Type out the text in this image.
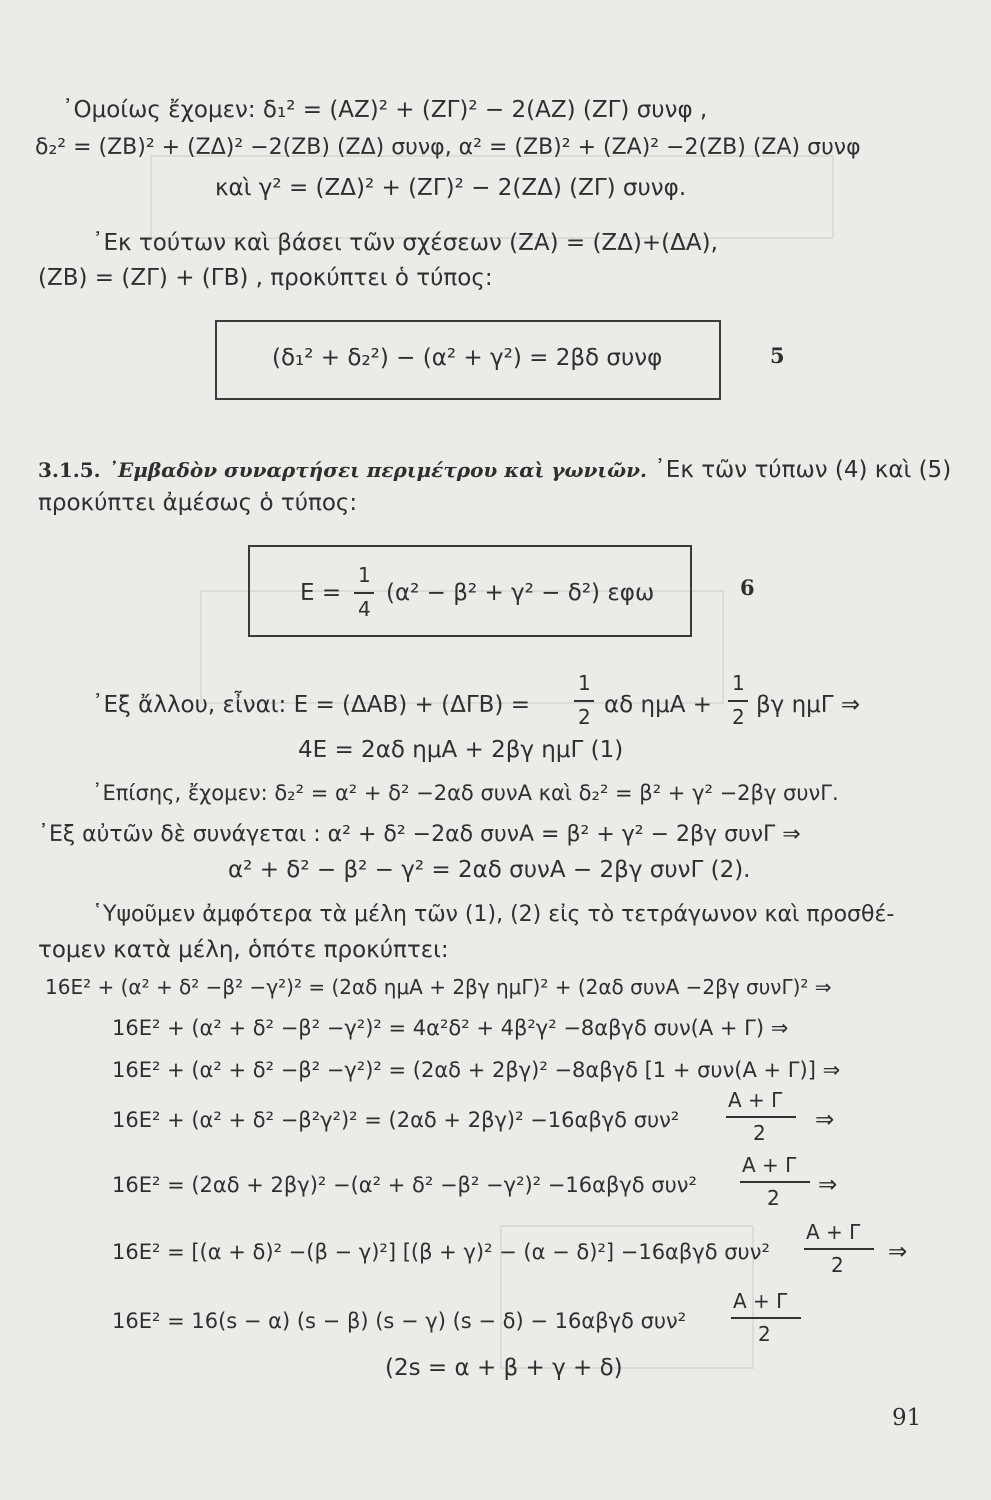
᾿Ομοίως ἔχομεν: δ₁² = (ΑΖ)² + (ΖΓ)² − 2(ΑΖ) (ΖΓ) συνφ ,
δ₂² = (ΖΒ)² + (ΖΔ)² −2(ΖΒ) (ΖΔ) συνφ, α² = (ΖΒ)² + (ΖΑ)² −2(ΖΒ) (ΖΑ) συνφ
καὶ γ² = (ΖΔ)² + (ΖΓ)² − 2(ΖΔ) (ΖΓ) συνφ.
᾿Εκ τούτων καὶ βάσει τῶν σχέσεων (ΖΑ) = (ΖΔ)+(ΔΑ),
(ΖΒ) = (ΖΓ) + (ΓΒ) , προκύπτει ὁ τύπος:
(δ₁² + δ₂²) − (α² + γ²) = 2βδ συνφ	5
3.1.5. ᾿Εμβαδὸν συναρτήσει περιμέτρου καὶ γωνιῶν. ᾿Εκ τῶν τύπων (4) καὶ (5)
προκύπτει ἀμέσως ὁ τύπος:
Ε =
1
4
(α² − β² + γ² − δ²) εφω	6
᾿Εξ ἄλλου, εἶναι: Ε = (ΔΑΒ) + (ΔΓΒ) =
1
2 αδ ημΑ +
1
2 βγ ημΓ ⇒
4Ε = 2αδ ημΑ + 2βγ ημΓ (1)
᾿Επίσης, ἔχομεν: δ₂² = α² + δ² −2αδ συνΑ καὶ δ₂² = β² + γ² −2βγ συνΓ.
᾿Εξ αὐτῶν δὲ συνάγεται : α² + δ² −2αδ συνΑ = β² + γ² − 2βγ συνΓ ⇒
α² + δ² − β² − γ² = 2αδ συνΑ − 2βγ συνΓ (2).
῾Υψοῦμεν ἀμφότερα τὰ μέλη τῶν (1), (2) εἰς τὸ τετράγωνον καὶ προσθέ-
τομεν κατὰ μέλη, ὁπότε προκύπτει:
16Ε² + (α² + δ² −β² −γ²)² = (2αδ ημΑ + 2βγ ημΓ)² + (2αδ συνΑ −2βγ συνΓ)² ⇒
16Ε² + (α² + δ² −β² −γ²)² = 4α²δ² + 4β²γ² −8αβγδ συν(Α + Γ) ⇒
16Ε² + (α² + δ² −β² −γ²)² = (2αδ + 2βγ)² −8αβγδ [1 + συν(Α + Γ)] ⇒
16Ε² + (α² + δ² −β²γ²)² = (2αδ + 2βγ)² −16αβγδ συν²
Α + Γ
2 ⇒
16Ε² = (2αδ + 2βγ)² −(α² + δ² −β² −γ²)² −16αβγδ συν²
Α + Γ
2 ⇒
16Ε² = [(α + δ)² −(β − γ)²] [(β + γ)² − (α − δ)²] −16αβγδ συν²
Α + Γ
2 ⇒
16Ε² = 16(s − α) (s − β) (s − γ) (s − δ) − 16αβγδ συν²
Α + Γ
2
(2s = α + β + γ + δ)
91
